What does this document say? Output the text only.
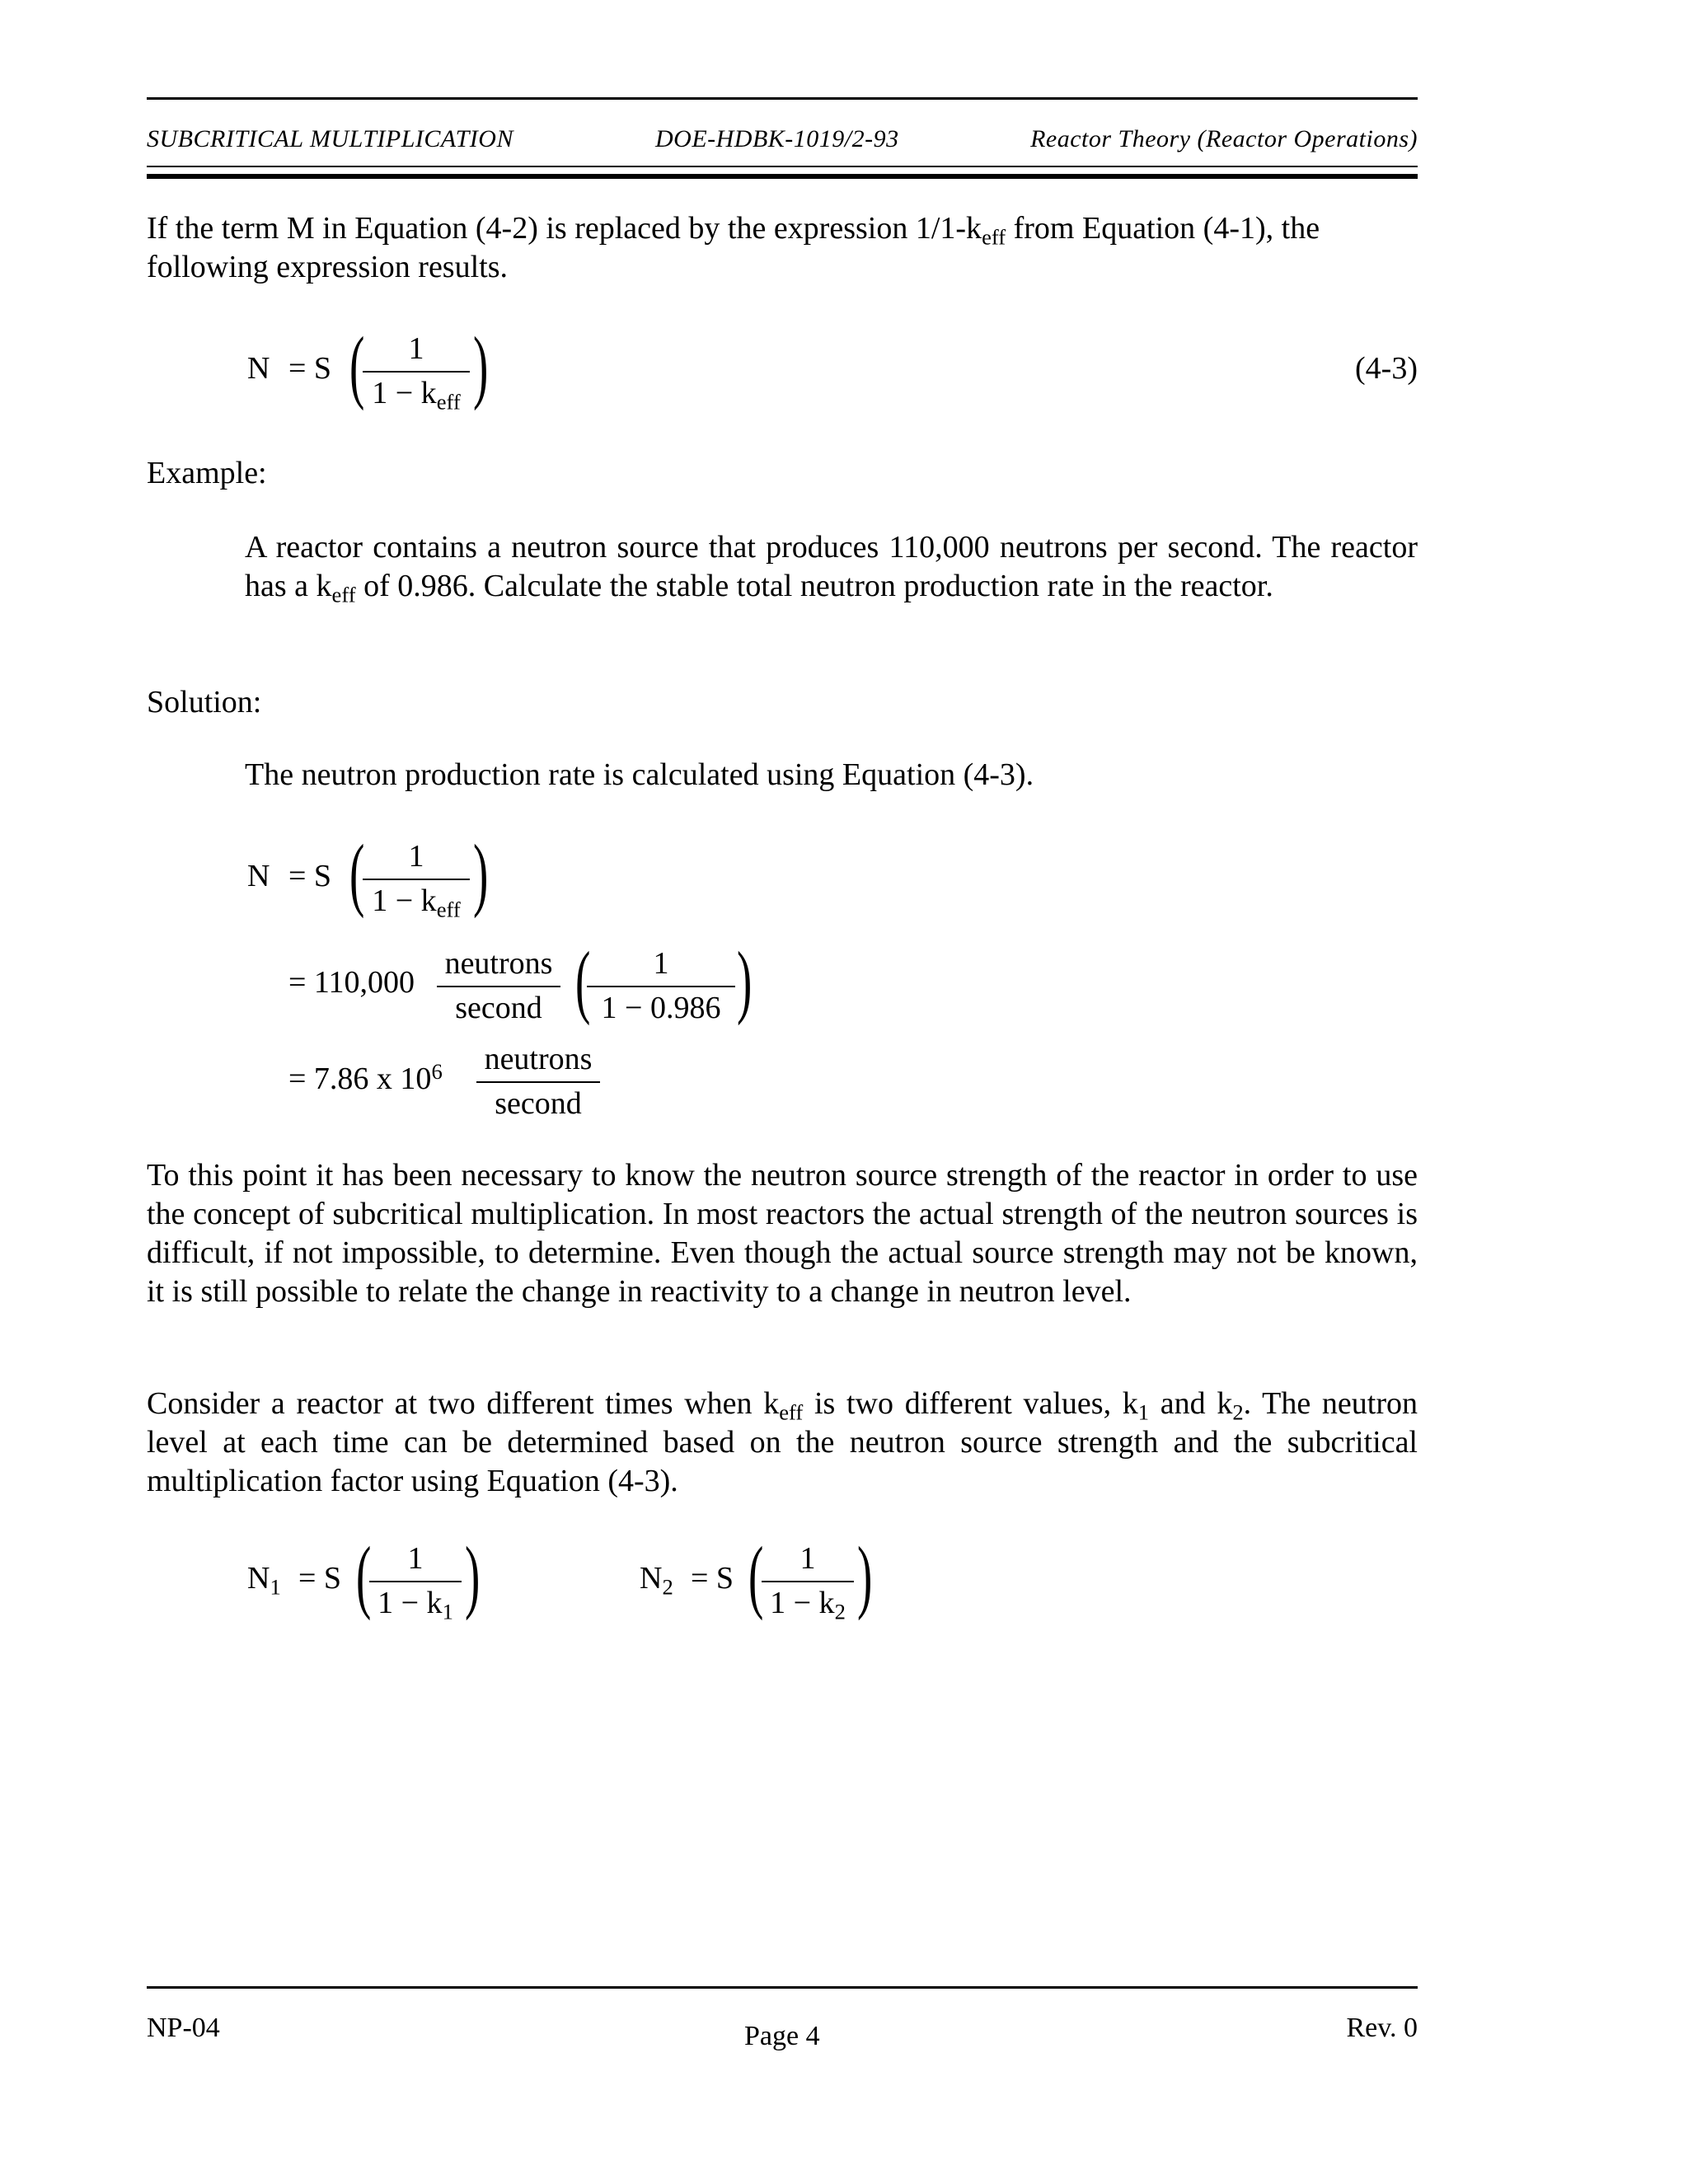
SUBCRITICAL MULTIPLICATION	DOE-HDBK-1019/2-93	Reactor Theory (Reactor Operations)
If the term M in Equation (4-2) is replaced by the expression $1/1-k_{eff}$ from Equation (4-1), the
following expression results.
N = S (	1
$1 - k_{eff}$ )	(4-3)
Example:
A reactor contains a neutron source that produces 110,000 neutrons per second. The reactor has a $k_{eff}$ of 0.986. Calculate the stable total neutron production rate in the reactor.
Solution:
The neutron production rate is calculated using Equation (4-3).
N = S (	1
$1 - k_{eff}$ )
= 110,000
neutrons
second (	1
1 − 0.986 )
= 7.86 x $10^6$ neutrons
second
To this point it has been necessary to know the neutron source strength of the reactor in order to use the concept of subcritical multiplication. In most reactors the actual strength of the neutron sources is difficult, if not impossible, to determine. Even though the actual source strength may not be known, it is still possible to relate the change in reactivity to a change in neutron level.
Consider a reactor at two different times when $k_{eff}$ is two different values, $k_1$ and $k_2$. The neutron level at each time can be determined based on the neutron source strength and the subcritical multiplication factor using Equation (4-3).
$N_1 = S$ (	1
$1 - k_1$ )	$N_2 = S$ (	1
$1 - k_2$ )
NP-04	Page 4	Rev. 0
